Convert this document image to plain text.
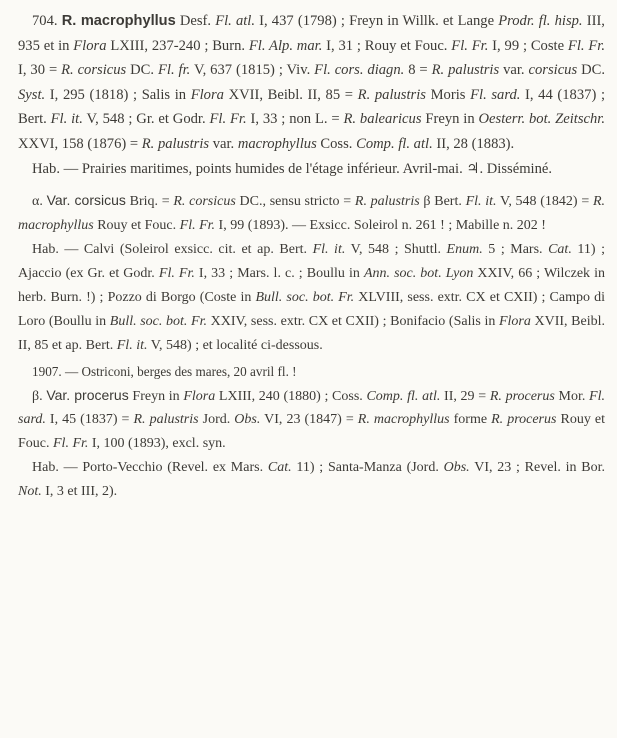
704. R. macrophyllus Desf. Fl. atl. I, 437 (1798) ; Freyn in Willk. et Lange Prodr. fl. hisp. III, 935 et in Flora LXIII, 237-240 ; Burn. Fl. Alp. mar. I, 31 ; Rouy et Fouc. Fl. Fr. I, 99 ; Coste Fl. Fr. I, 30 = R. corsicus DC. Fl. fr. V, 637 (1815) ; Viv. Fl. cors. diagn. 8 = R. palustris var. corsicus DC. Syst. I, 295 (1818) ; Salis in Flora XVII, Beibl. II, 85 = R. palustris Moris Fl. sard. I, 44 (1837) ; Bert. Fl. it. V, 548 ; Gr. et Godr. Fl. Fr. I, 33 ; non L. = R. balearicus Freyn in Oesterr. bot. Zeitschr. XXVI, 158 (1876) = R. palustris var. macrophyllus Coss. Comp. fl. atl. II, 28 (1883).

Hab. — Prairies maritimes, points humides de l'étage inférieur. Avril-mai. ♃. Disséminé.

α. Var. corsicus Briq. = R. corsicus DC., sensu stricto = R. palustris β Bert. Fl. it. V, 548 (1842) = R. macrophyllus Rouy et Fouc. Fl. Fr. I, 99 (1893). — Exsicc. Soleirol n. 261 ! ; Mabille n. 202 !

Hab. — Calvi (Soleirol exsicc. cit. et ap. Bert. Fl. it. V, 548 ; Shuttl. Enum. 5 ; Mars. Cat. 11) ; Ajaccio (ex Gr. et Godr. Fl. Fr. I, 33 ; Mars. l. c. ; Boullu in Ann. soc. bot. Lyon XXIV, 66 ; Wilczek in herb. Burn. !) ; Pozzo di Borgo (Coste in Bull. soc. bot. Fr. XLVIII, sess. extr. CX et CXII) ; Campo di Loro (Boullu in Bull. soc. bot. Fr. XXIV, sess. extr. CX et CXII) ; Bonifacio (Salis in Flora XVII, Beibl. II, 85 et ap. Bert. Fl. it. V, 548) ; et localité ci-dessous.

1907. — Ostriconi, berges des mares, 20 avril fl. !

β. Var. procerus Freyn in Flora LXIII, 240 (1880) ; Coss. Comp. fl. atl. II, 29 = R. procerus Mor. Fl. sard. I, 45 (1837) = R. palustris Jord. Obs. VI, 23 (1847) = R. macrophyllus forme R. procerus Rouy et Fouc. Fl. Fr. I, 100 (1893), excl. syn.

Hab. — Porto-Vecchio (Revel. ex Mars. Cat. 11) ; Santa-Manza (Jord. Obs. VI, 23 ; Revel. in Bor. Not. I, 3 et III, 2).
